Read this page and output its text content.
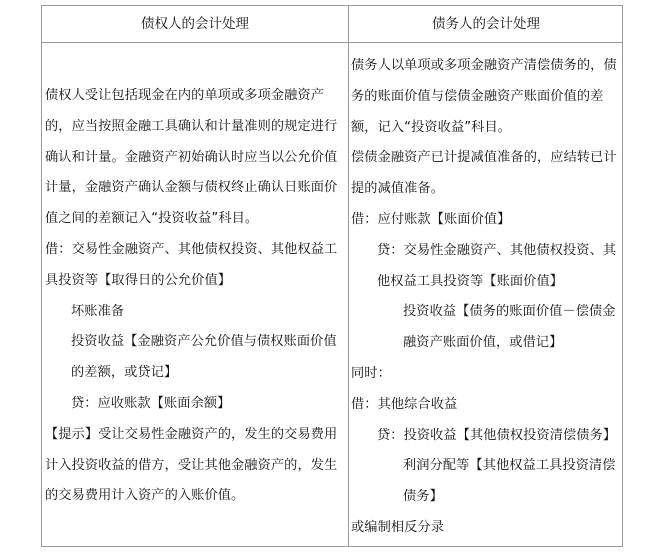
债权人的会计处理	债务人的会计处理

债权人受让包括现金在内的单项或多项金融资产的，应当按照金融工具确认和计量准则的规定进行确认和计量。金融资产初始确认时应当以公允价值计量，金融资产确认金额与债权终止确认日账面价值之间的差额记入“投资收益”科目。

借：交易性金融资产、其他债权投资、其他权益工具投资等【取得日的公允价值】

坏账准备

投资收益【金融资产公允价值与债权账面价值的差额，或贷记】

贷：应收账款【账面余额】

【提示】受让交易性金融资产的，发生的交易费用计入投资收益的借方，受让其他金融资产的，发生的交易费用计入资产的入账价值。

债务人以单项或多项金融资产清偿债务的，债务的账面价值与偿债金融资产账面价值的差额，记入“投资收益”科目。

偿债金融资产已计提减值准备的，应结转已计提的减值准备。

借：应付账款【账面价值】

贷：交易性金融资产、其他债权投资、其他权益工具投资等【账面价值】

投资收益【债务的账面价值－偿债金融资产账面价值，或借记】

同时：

借：其他综合收益

贷：投资收益【其他债权投资清偿债务】

利润分配等【其他权益工具投资清偿债务】

或编制相反分录
